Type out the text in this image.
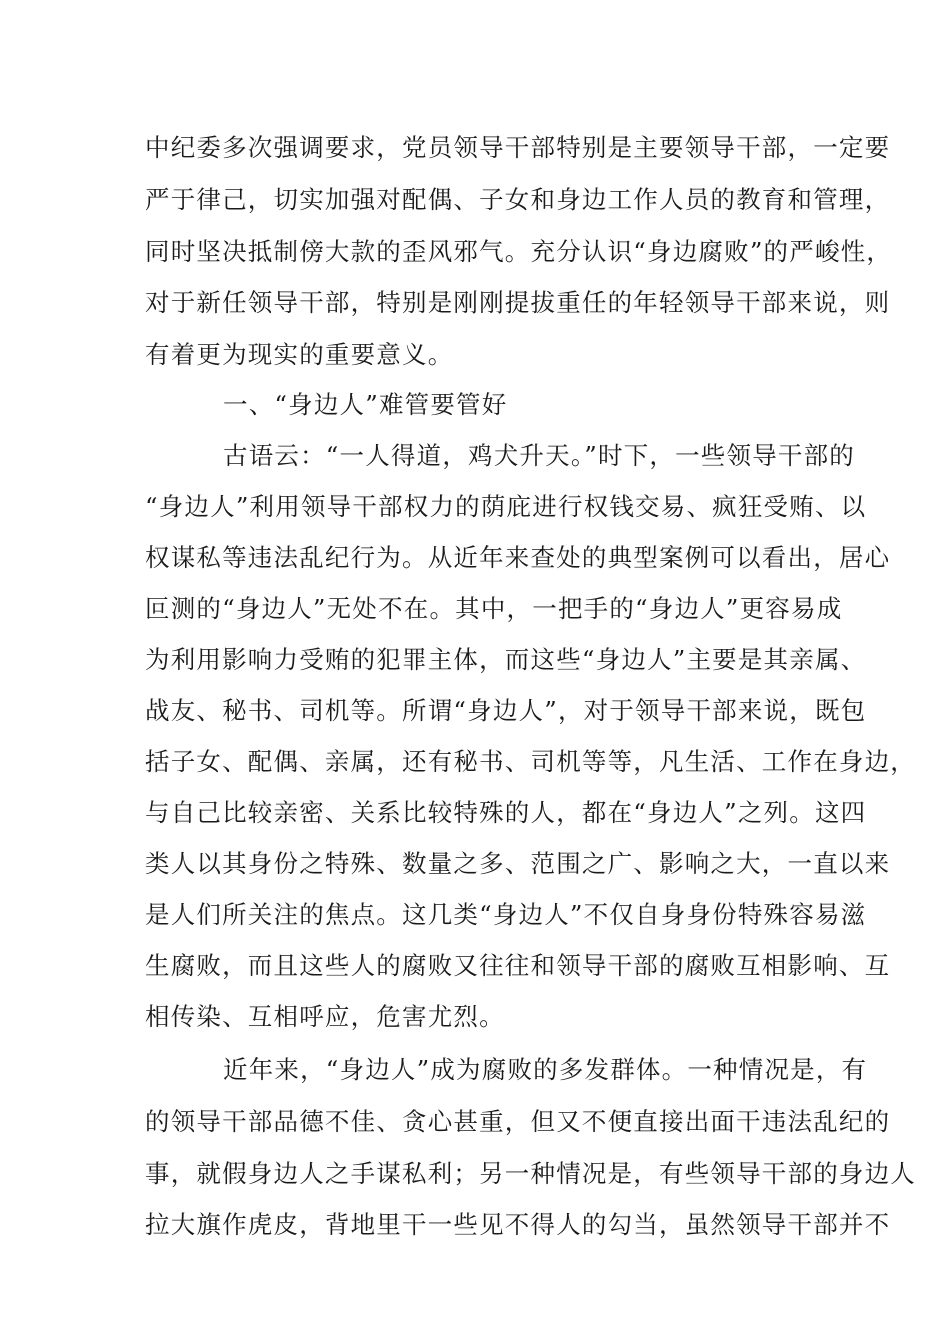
中纪委多次强调要求，党员领导干部特别是主要领导干部，一定要
严于律己，切实加强对配偶、子女和身边工作人员的教育和管理，
同时坚决抵制傍大款的歪风邪气。充分认识“身边腐败”的严峻性，
对于新任领导干部，特别是刚刚提拔重任的年轻领导干部来说，则
有着更为现实的重要意义。
一、“身边人”难管要管好
古语云：“一人得道，鸡犬升天。”时下，一些领导干部的
“身边人”利用领导干部权力的荫庇进行权钱交易、疯狂受贿、以
权谋私等违法乱纪行为。从近年来查处的典型案例可以看出，居心
叵测的“身边人”无处不在。其中，一把手的“身边人”更容易成
为利用影响力受贿的犯罪主体，而这些“身边人”主要是其亲属、
战友、秘书、司机等。所谓“身边人”，对于领导干部来说，既包
括子女、配偶、亲属，还有秘书、司机等等，凡生活、工作在身边，
与自己比较亲密、关系比较特殊的人，都在“身边人”之列。这四
类人以其身份之特殊、数量之多、范围之广、影响之大，一直以来
是人们所关注的焦点。这几类“身边人”不仅自身身份特殊容易滋
生腐败，而且这些人的腐败又往往和领导干部的腐败互相影响、互
相传染、互相呼应，危害尤烈。
近年来，“身边人”成为腐败的多发群体。一种情况是，有
的领导干部品德不佳、贪心甚重，但又不便直接出面干违法乱纪的
事，就假身边人之手谋私利；另一种情况是，有些领导干部的身边人
拉大旗作虎皮，背地里干一些见不得人的勾当，虽然领导干部并不
